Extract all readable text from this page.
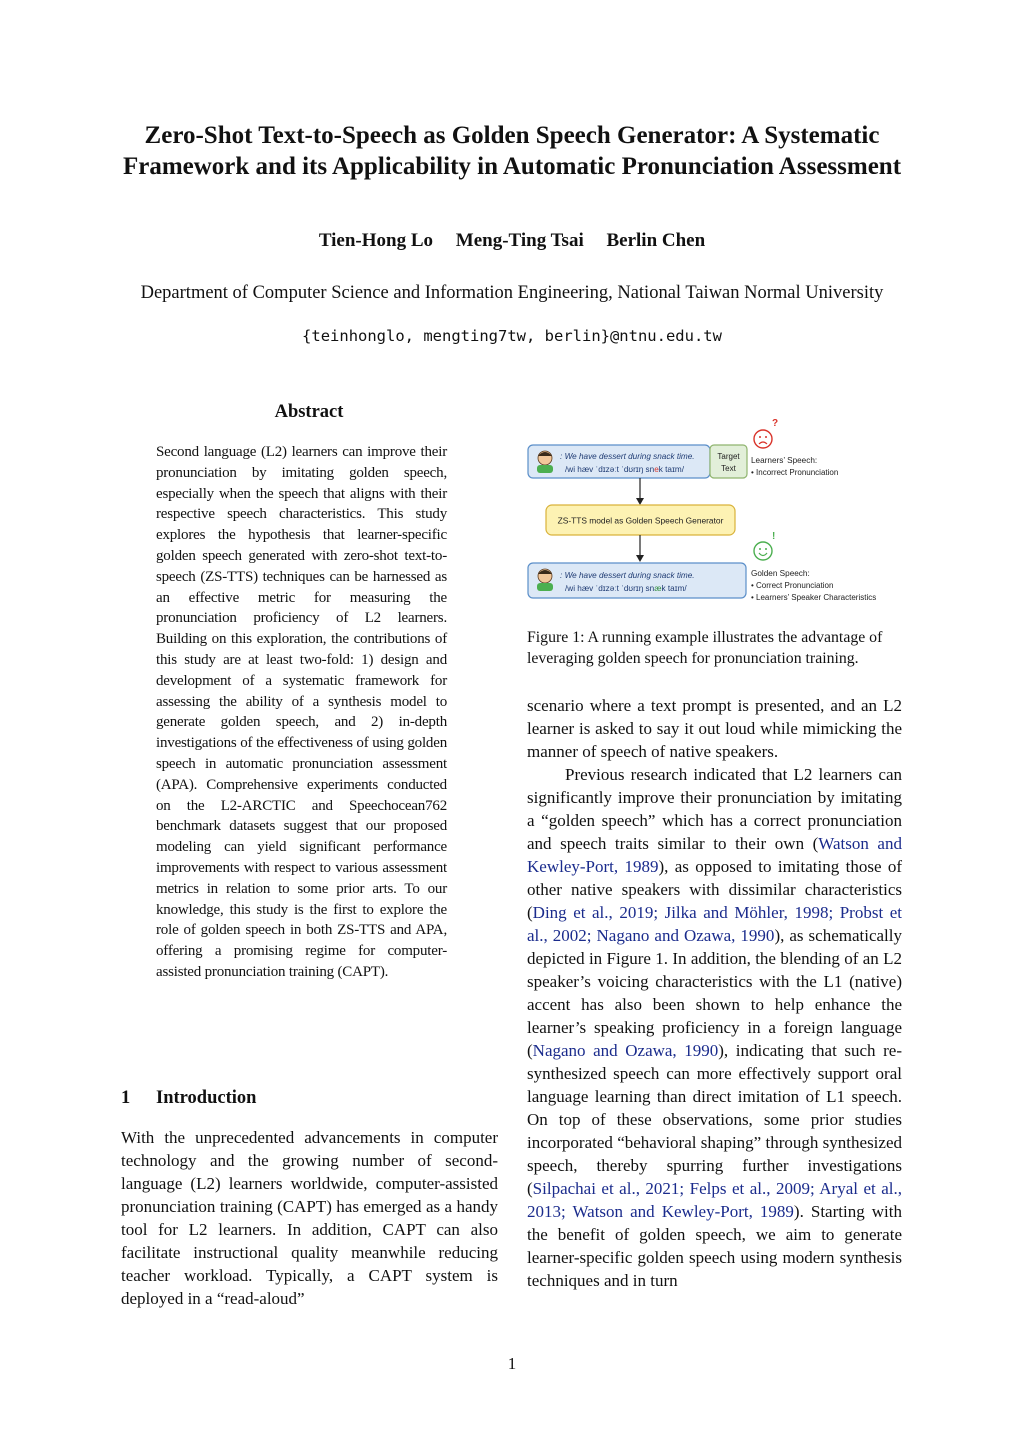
Zero-Shot Text-to-Speech as Golden Speech Generator: A Systematic
Framework and its Applicability in Automatic Pronunciation Assessment
Tien-Hong Lo Meng-Ting Tsai Berlin Chen
Department of Computer Science and Information Engineering, National Taiwan Normal University
{teinhonglo, mengting7tw, berlin}@ntnu.edu.tw
Abstract

Second language (L2) learners can improve their pronunciation by imitating golden speech, especially when the speech that aligns with their respective speech characteristics. This study explores the hypothesis that learner-specific golden speech generated with zero-shot text-to-speech (ZS-TTS) techniques can be harnessed as an effective metric for measuring the pronunciation proficiency of L2 learners. Building on this exploration, the contributions of this study are at least two-fold: 1) design and development of a systematic framework for assessing the ability of a synthesis model to generate golden speech, and 2) in-depth investigations of the effectiveness of using golden speech in automatic pronunciation assessment (APA). Comprehensive experiments conducted on the L2-ARCTIC and Speechocean762 benchmark datasets suggest that our proposed modeling can yield significant performance improvements with respect to various assessment metrics in relation to some prior arts. To our knowledge, this study is the first to explore the role of golden speech in both ZS-TTS and APA, offering a promising regime for computer-assisted pronunciation training (CAPT).

1 Introduction

With the unprecedented advancements in computer technology and the growing number of second-language (L2) learners worldwide, computer-assisted pronunciation training (CAPT) has emerged as a handy tool for L2 learners. In addition, CAPT can also facilitate instructional quality meanwhile reducing teacher workload. Typically, a CAPT system is deployed in a “read-aloud”

: We have dessert during snack time.
/wi hæv ˈdɪzəːt ˈdʊrɪŋ snek taɪm/
Target
Text
?
Learners’ Speech:
• Incorrect Pronunciation
ZS-TTS model as Golden Speech Generator
: We have dessert during snack time.
/wi hæv ˈdɪzəːt ˈdʊrɪŋ snæk taɪm/
!
Golden Speech:
• Correct Pronunciation
• Learners’ Speaker Characteristics
Figure 1: A running example illustrates the advantage of leveraging golden speech for pronunciation training.

scenario where a text prompt is presented, and an L2 learner is asked to say it out loud while mimicking the manner of speech of native speakers.

Previous research indicated that L2 learners can significantly improve their pronunciation by imitating a “golden speech” which has a correct pronunciation and speech traits similar to their own (Watson and Kewley-Port, 1989), as opposed to imitating those of other native speakers with dissimilar characteristics (Ding et al., 2019; Jilka and Möhler, 1998; Probst et al., 2002; Nagano and Ozawa, 1990), as schematically depicted in Figure 1. In addition, the blending of an L2 speaker’s voicing characteristics with the L1 (native) accent has also been shown to help enhance the learner’s speaking proficiency in a foreign language (Nagano and Ozawa, 1990), indicating that such re-synthesized speech can more effectively support oral language learning than direct imitation of L1 speech. On top of these observations, some prior studies incorporated “behavioral shaping” through synthesized speech, thereby spurring further investigations (Silpachai et al., 2021; Felps et al., 2009; Aryal et al., 2013; Watson and Kewley-Port, 1989). Starting with the benefit of golden speech, we aim to generate learner-specific golden speech using modern synthesis techniques and in turn

1
